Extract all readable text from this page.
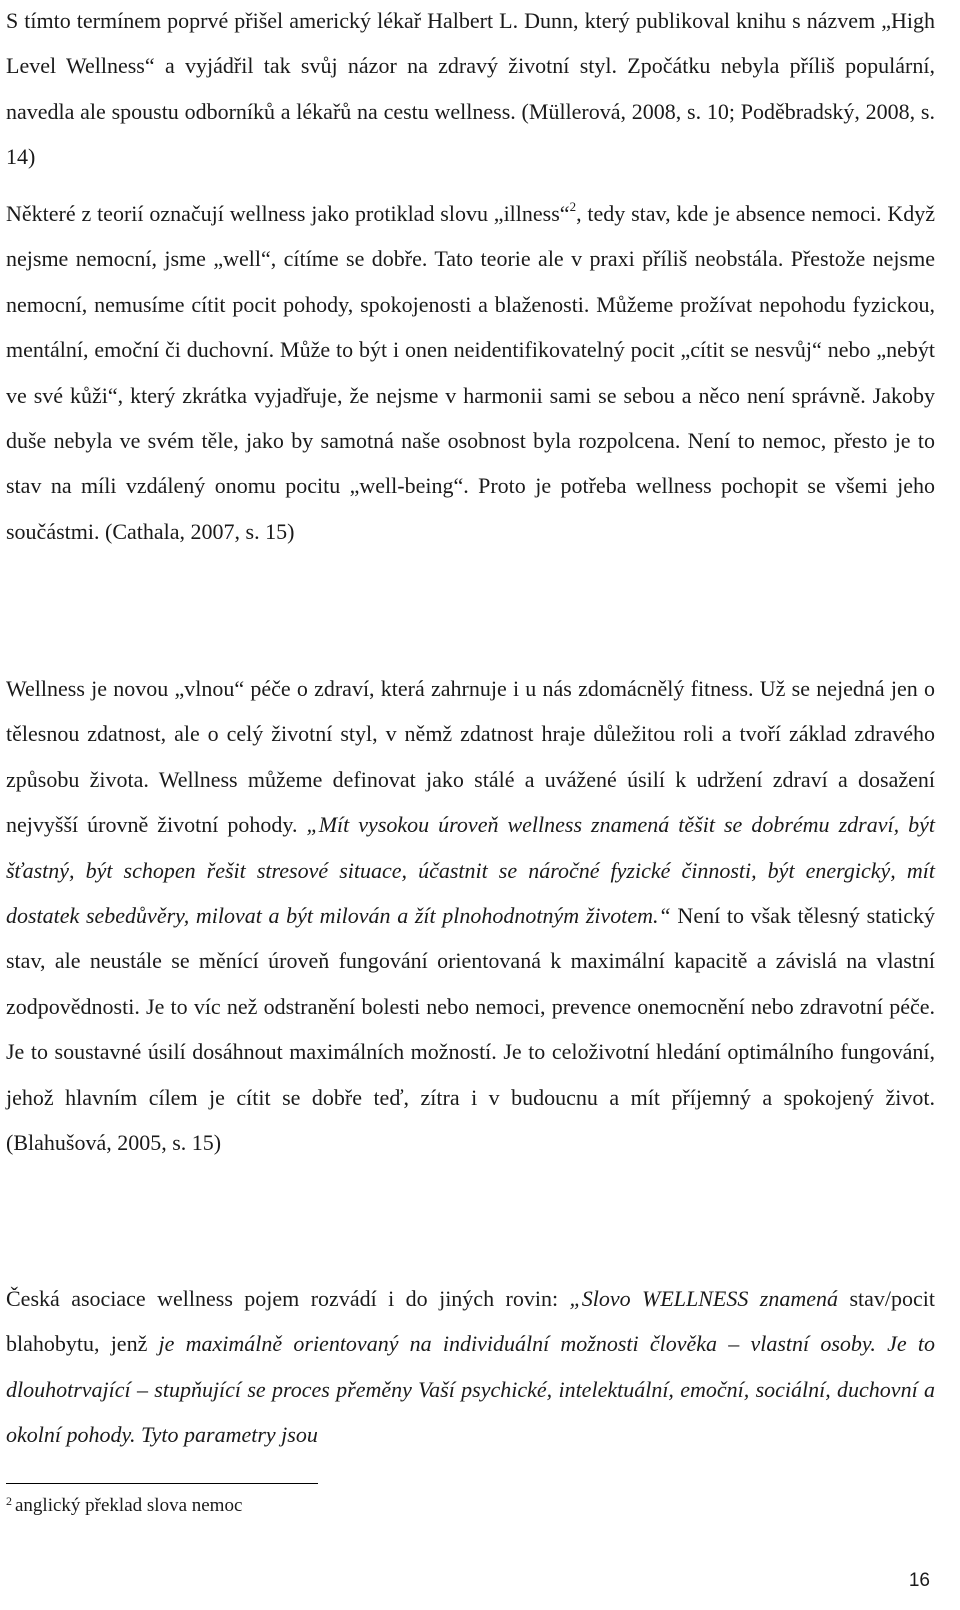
S tímto termínem poprvé přišel americký lékař Halbert L. Dunn, který publikoval knihu s názvem „High Level Wellness“ a vyjádřil tak svůj názor na zdravý životní styl. Zpočátku nebyla příliš populární, navedla ale spoustu odborníků a lékařů na cestu wellness. (Müllerová, 2008, s. 10; Poděbradský, 2008, s. 14)

Některé z teorií označují wellness jako protiklad slovu „illness“$^2$, tedy stav, kde je absence nemoci. Když nejsme nemocní, jsme „well“, cítíme se dobře. Tato teorie ale v praxi příliš neobstála. Přestože nejsme nemocní, nemusíme cítit pocit pohody, spokojenosti a blaženosti. Můžeme prožívat nepohodu fyzickou, mentální, emoční či duchovní. Může to být i onen neidentifikovatelný pocit „cítit se nesvůj“ nebo „nebýt ve své kůži“, který zkrátka vyjadřuje, že nejsme v harmonii sami se sebou a něco není správně. Jakoby duše nebyla ve svém těle, jako by samotná naše osobnost byla rozpolcena. Není to nemoc, přesto je to stav na míli vzdálený onomu pocitu „well-being“. Proto je potřeba wellness pochopit se všemi jeho součástmi. (Cathala, 2007, s. 15)

Wellness je novou „vlnou“ péče o zdraví, která zahrnuje i u nás zdomácnělý fitness. Už se nejedná jen o tělesnou zdatnost, ale o celý životní styl, v němž zdatnost hraje důležitou roli a tvoří základ zdravého způsobu života. Wellness můžeme definovat jako stálé a uvážené úsilí k udržení zdraví a dosažení nejvyšší úrovně životní pohody. „Mít vysokou úroveň wellness znamená těšit se dobrému zdraví, být šťastný, být schopen řešit stresové situace, účastnit se náročné fyzické činnosti, být energický, mít dostatek sebedůvěry, milovat a být milován a žít plnohodnotným životem.“ Není to však tělesný statický stav, ale neustále se měnící úroveň fungování orientovaná k maximální kapacitě a závislá na vlastní zodpovědnosti. Je to víc než odstranění bolesti nebo nemoci, prevence onemocnění nebo zdravotní péče. Je to soustavné úsilí dosáhnout maximálních možností. Je to celoživotní hledání optimálního fungování, jehož hlavním cílem je cítit se dobře teď, zítra i v budoucnu a mít příjemný a spokojený život. (Blahušová, 2005, s. 15)

Česká asociace wellness pojem rozvádí i do jiných rovin: „Slovo WELLNESS znamená stav/pocit blahobytu, jenž je maximálně orientovaný na individuální možnosti člověka – vlastní osoby. Je to dlouhotrvající – stupňující se proces přeměny Vaší psychické, intelektuální, emoční, sociální, duchovní a okolní pohody. Tyto parametry jsou

$^2$ anglický překlad slova nemoc
16
